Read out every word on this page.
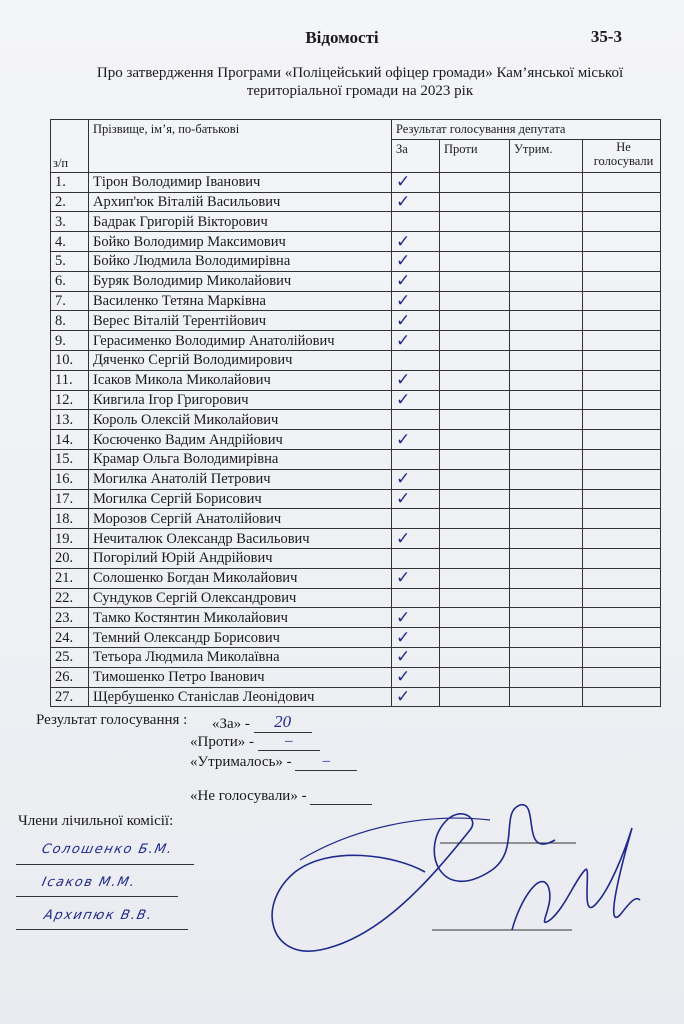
Відомості	35-3
Про затвердження Програми «Поліцейський офіцер громади» Кам’янської міської
територіальної громади на 2023 рік
з/п	Прізвище, ім’я, по-батькові	Результат голосування депутата			
		За	Проти	Утрим.	Не голосували
1.	Тірон Володимир Іванович	✓			
2.	Архип'юк Віталій Васильович	✓			
3.	Бадрак Григорій Вікторович				
4.	Бойко Володимир Максимович	✓			
5.	Бойко Людмила Володимирівна	✓			
6.	Буряк Володимир Миколайович	✓			
7.	Василенко Тетяна Марківна	✓			
8.	Верес Віталій Терентійович	✓			
9.	Герасименко Володимир Анатолійович	✓			
10.	Дяченко Сергій Володимирович				
11.	Ісаков Микола Миколайович	✓			
12.	Кивгила Ігор Григорович	✓			
13.	Король Олексій Миколайович				
14.	Косюченко Вадим Андрійович	✓			
15.	Крамар Ольга Володимирівна				
16.	Могилка Анатолій Петрович	✓			
17.	Могилка Сергій Борисович	✓			
18.	Морозов Сергій Анатолійович				
19.	Нечиталюк Олександр Васильович	✓			
20.	Погорілий Юрій Андрійович				
21.	Солошенко Богдан Миколайович	✓			
22.	Сундуков Сергій Олександрович				
23.	Тамко Костянтин Миколайович	✓			
24.	Темний Олександр Борисович	✓			
25.	Тетьора Людмила Миколаївна	✓			
26.	Тимошенко Петро Іванович	✓			
27.	Щербушенко Станіслав Леонідович	✓			
Результат голосування : «За» - 20
«Проти» - –
«Утрималось» - –
«Не голосували» -
Члени лічильної комісії:
Солошенко Б.М.
Ісаков М.М.
Архипюк В.В.
